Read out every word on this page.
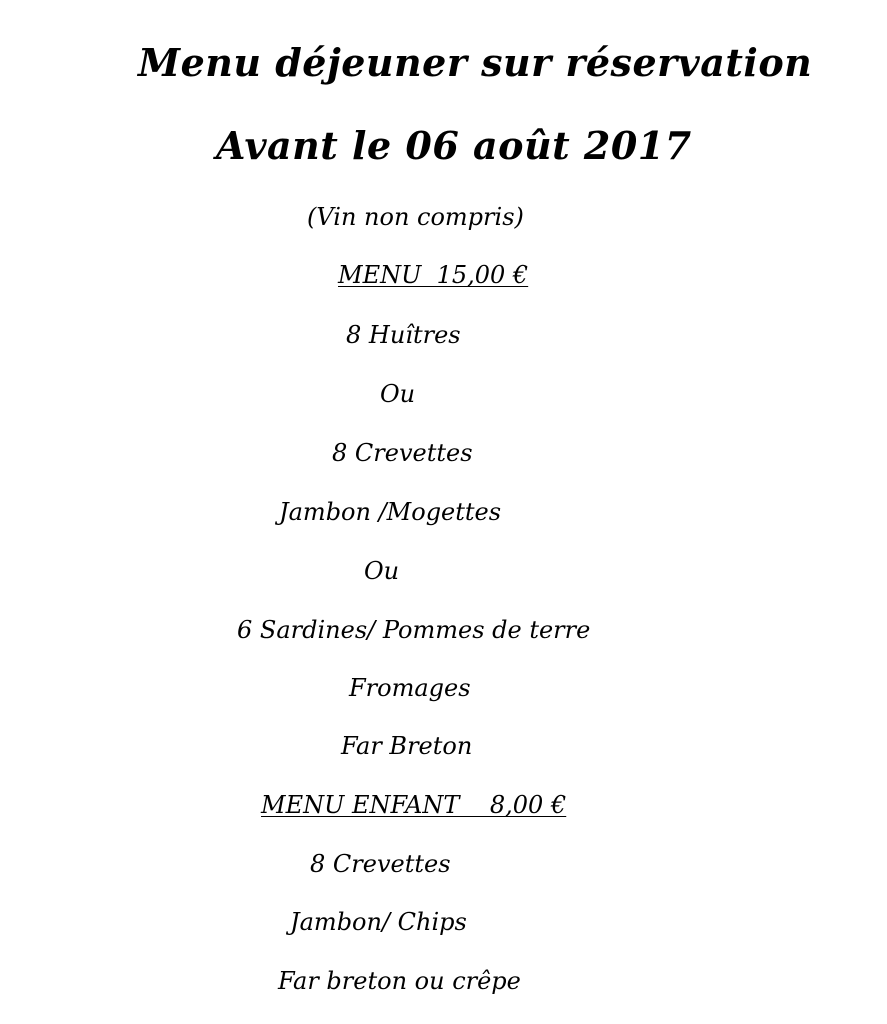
Menu déjeuner sur réservation
Avant le 06 août 2017
(Vin non compris)
MENU  15,00 €
8 Huîtres
Ou
8 Crevettes
Jambon /Mogettes
Ou
6 Sardines/ Pommes de terre
Fromages
Far Breton
MENU ENFANT    8,00 €
8 Crevettes
Jambon/ Chips
Far breton ou crêpe
